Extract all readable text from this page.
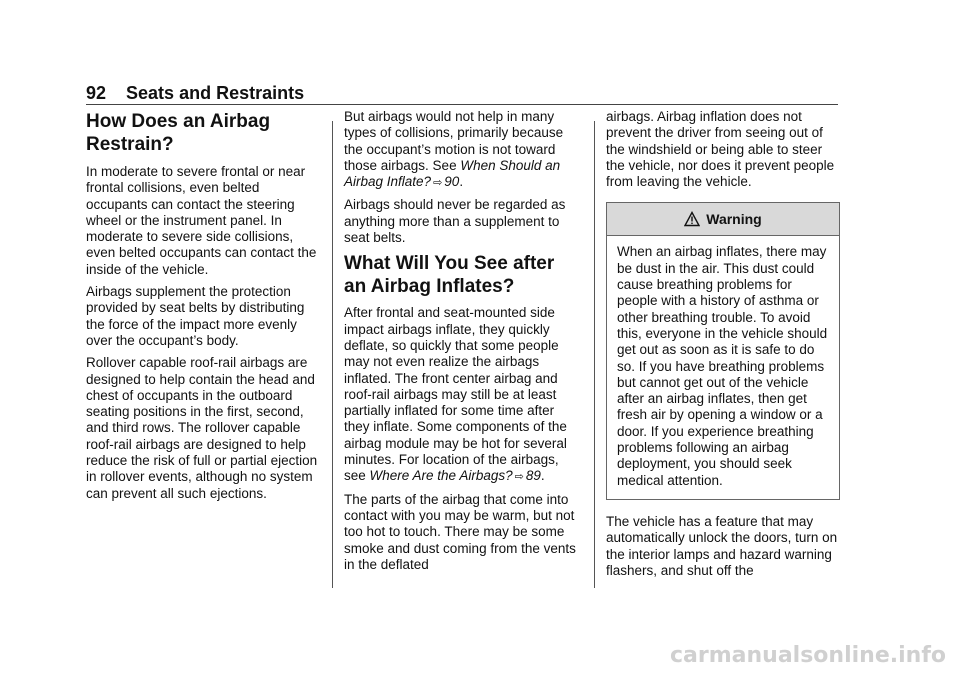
92 Seats and Restraints
How Does an Airbag Restrain?

In moderate to severe frontal or near frontal collisions, even belted occupants can contact the steering wheel or the instrument panel. In moderate to severe side collisions, even belted occupants can contact the inside of the vehicle.

Airbags supplement the protection provided by seat belts by distributing the force of the impact more evenly over the occupant’s body.

Rollover capable roof-rail airbags are designed to help contain the head and chest of occupants in the outboard seating positions in the first, second, and third rows. The rollover capable roof-rail airbags are designed to help reduce the risk of full or partial ejection in rollover events, although no system can prevent all such ejections.

But airbags would not help in many types of collisions, primarily because the occupant’s motion is not toward those airbags. See When Should an Airbag Inflate? ⇨ 90.

Airbags should never be regarded as anything more than a supplement to seat belts.

What Will You See after an Airbag Inflates?

After frontal and seat-mounted side impact airbags inflate, they quickly deflate, so quickly that some people may not even realize the airbags inflated. The front center airbag and roof-rail airbags may still be at least partially inflated for some time after they inflate. Some components of the airbag module may be hot for several minutes. For location of the airbags, see Where Are the Airbags? ⇨ 89.

The parts of the airbag that come into contact with you may be warm, but not too hot to touch. There may be some smoke and dust coming from the vents in the deflated

airbags. Airbag inflation does not prevent the driver from seeing out of the windshield or being able to steer the vehicle, nor does it prevent people from leaving the vehicle.

Warning

When an airbag inflates, there may be dust in the air. This dust could cause breathing problems for people with a history of asthma or other breathing trouble. To avoid this, everyone in the vehicle should get out as soon as it is safe to do so. If you have breathing problems but cannot get out of the vehicle after an airbag inflates, then get fresh air by opening a window or a door. If you experience breathing problems following an airbag deployment, you should seek medical attention.

The vehicle has a feature that may automatically unlock the doors, turn on the interior lamps and hazard warning flashers, and shut off the

carmanualsonline.info
